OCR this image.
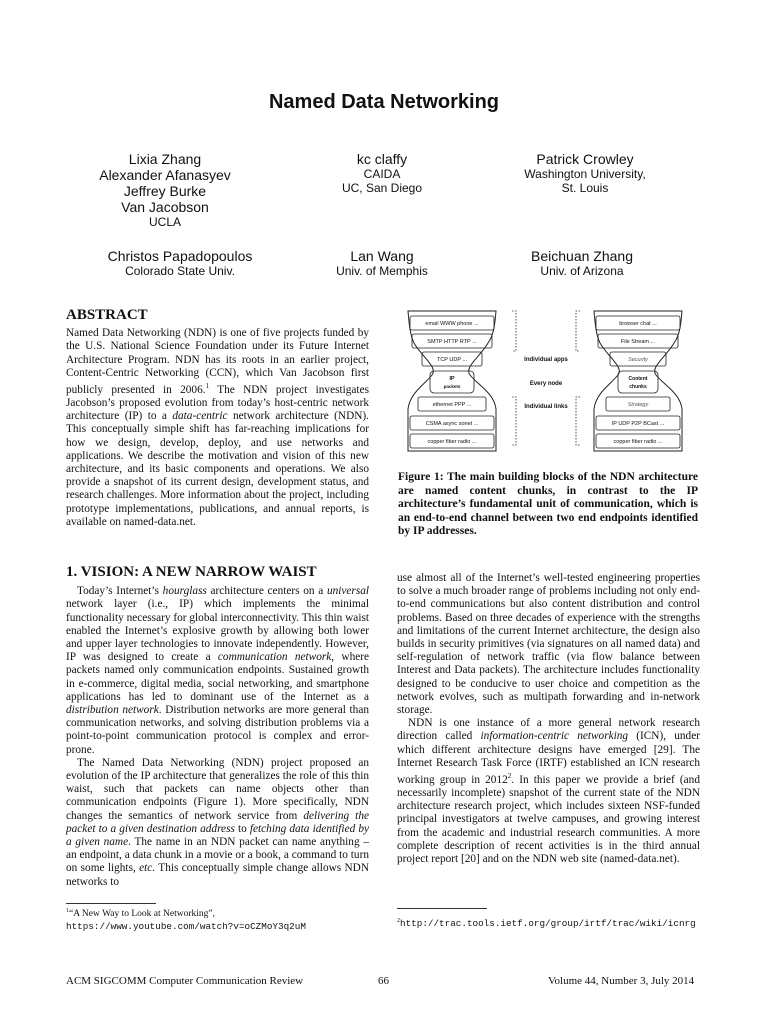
Named Data Networking
Lixia Zhang
Alexander Afanasyev
Jeffrey Burke
Van Jacobson
UCLA
kc claffy
CAIDA
UC, San Diego
Patrick Crowley
Washington University,
St. Louis
Christos Papadopoulos
Colorado State Univ.
Lan Wang
Univ. of Memphis
Beichuan Zhang
Univ. of Arizona
ABSTRACT

Named Data Networking (NDN) is one of five projects funded by the U.S. National Science Foundation under its Future Internet Architecture Program. NDN has its roots in an earlier project, Content-Centric Networking (CCN), which Van Jacobson first publicly presented in 2006.$^1$ The NDN project investigates Jacobson’s proposed evolution from today’s host-centric network architecture (IP) to a data-centric network architecture (NDN). This conceptually simple shift has far-reaching implications for how we design, develop, deploy, and use networks and applications. We describe the motivation and vision of this new architecture, and its basic components and operations. We also provide a snapshot of its current design, development status, and research challenges. More information about the project, including prototype implementations, publications, and annual reports, is available on named-data.net.

1. VISION: A NEW NARROW WAIST

Today’s Internet’s hourglass architecture centers on a universal network layer (i.e., IP) which implements the minimal functionality necessary for global interconnectivity. This thin waist enabled the Internet’s explosive growth by allowing both lower and upper layer technologies to innovate independently. However, IP was designed to create a communication network, where packets named only communication endpoints. Sustained growth in e-commerce, digital media, social networking, and smartphone applications has led to dominant use of the Internet as a distribution network. Distribution networks are more general than communication networks, and solving distribution problems via a point-to-point communication protocol is complex and error-prone.

The Named Data Networking (NDN) project proposed an evolution of the IP architecture that generalizes the role of this thin waist, such that packets can name objects other than communication endpoints (Figure 1). More specifically, NDN changes the semantics of network service from delivering the packet to a given destination address to fetching data identified by a given name. The name in an NDN packet can name anything – an endpoint, a data chunk in a movie or a book, a command to turn on some lights, etc. This conceptually simple change allows NDN networks to

use almost all of the Internet’s well-tested engineering properties to solve a much broader range of problems including not only end-to-end communications but also content distribution and control problems. Based on three decades of experience with the strengths and limitations of the current Internet architecture, the design also builds in security primitives (via signatures on all named data) and self-regulation of network traffic (via flow balance between Interest and Data packets). The architecture includes functionality designed to be conducive to user choice and competition as the network evolves, such as multipath forwarding and in-network storage.

NDN is one instance of a more general network research direction called information-centric networking (ICN), under which different architecture designs have emerged [29]. The Internet Research Task Force (IRTF) established an ICN research working group in 2012$^2$. In this paper we provide a brief (and necessarily incomplete) snapshot of the current state of the NDN architecture research project, which includes sixteen NSF-funded principal investigators at twelve campuses, and growing interest from the academic and industrial research communities. A more complete description of recent activities is in the third annual project report [20] and on the NDN web site (named-data.net).

$^1$“A New Way to Look at Networking”,
https://www.youtube.com/watch?v=oCZMoY3q2uM	$^2$http://trac.tools.ietf.org/group/irtf/trac/wiki/icnrg
email WWW phone ...
SMTP HTTP RTP ...
TCP UDP ...
IP
packets
ethernet PPP ...
CSMA async sonet ...
copper fiber radio ...
browser chat ...
File Stream ...
Security
Content
chunks
Strategy
IP UDP P2P BCast ...
copper fiber radio ...
Individual apps
Every node
Individual links
Figure 1: The main building blocks of the NDN architecture are named content chunks, in contrast to the IP architecture’s fundamental unit of communication, which is an end-to-end channel between two end endpoints identified by IP addresses.
ACM SIGCOMM Computer Communication Review	66	Volume 44, Number 3, July 2014
